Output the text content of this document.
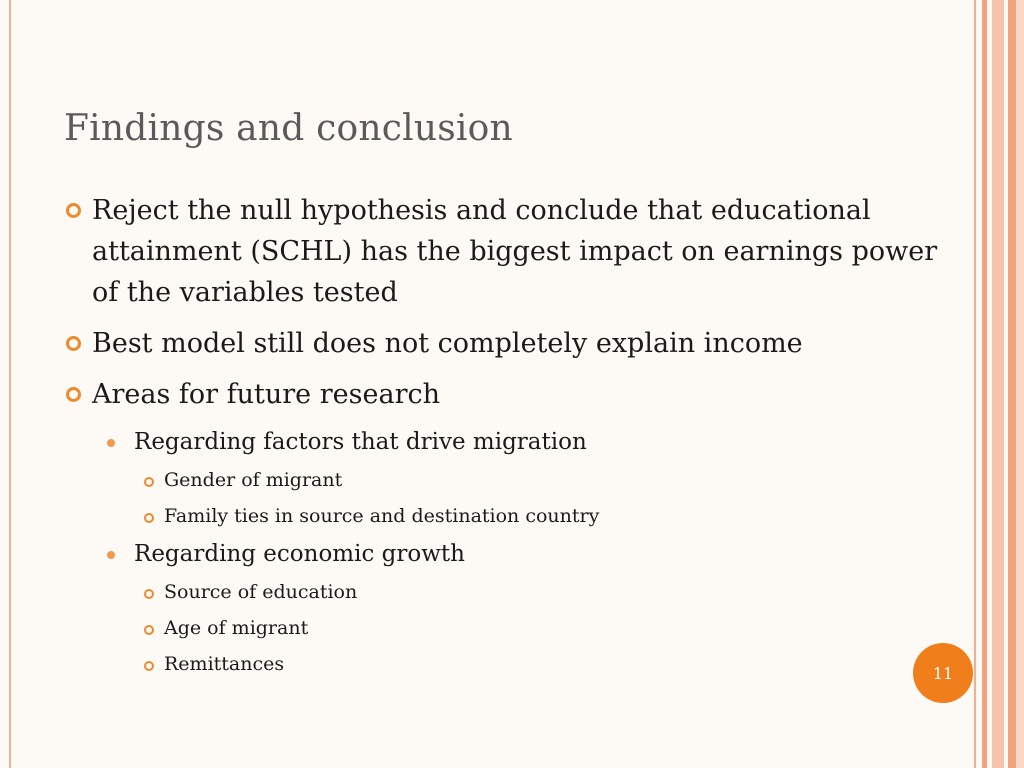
Findings and conclusion
Reject the null hypothesis and conclude that educational attainment (SCHL) has the biggest impact on earnings power of the variables tested
Best model still does not completely explain income
Areas for future research
Regarding factors that drive migration
Gender of migrant
Family ties in source and destination country
Regarding economic growth
Source of education
Age of migrant
Remittances	11
